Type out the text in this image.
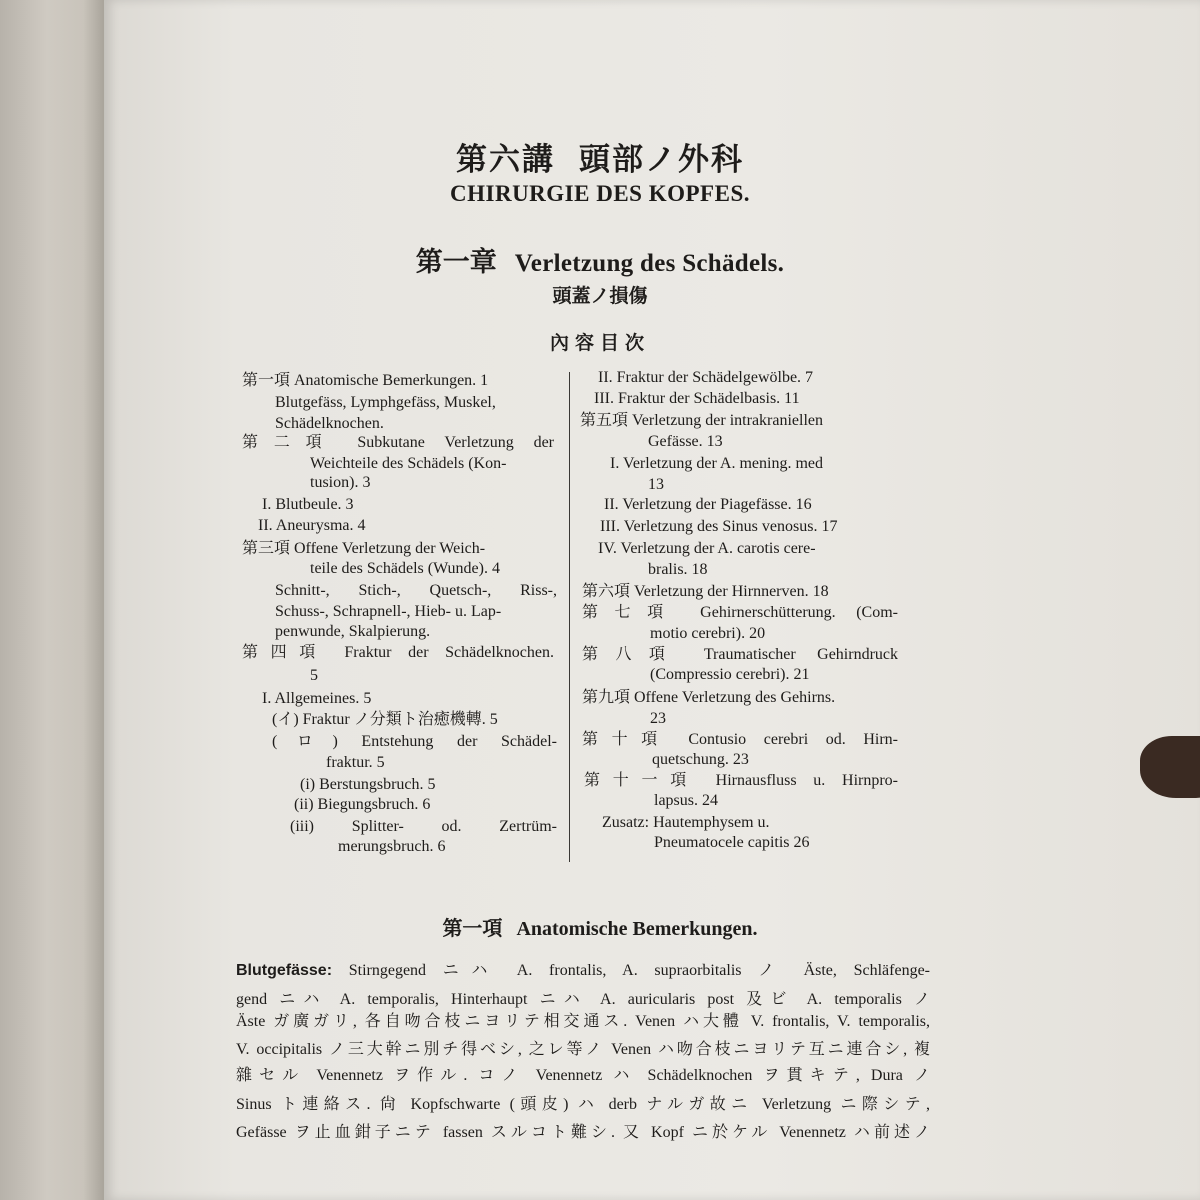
第六講 頭部ノ外科
CHIRURGIE DES KOPFES.
第一章 Verletzung des Schädels.
頭蓋ノ損傷
內容目次
第一項 Anatomische Bemerkungen. 1
Blutgefäss, Lymphgefäss, Muskel,
Schädelknochen.
第二項 Subkutane Verletzung der
Weichteile des Schädels (Kon-
tusion). 3
I. Blutbeule. 3
II. Aneurysma. 4
第三項 Offene Verletzung der Weich-
teile des Schädels (Wunde). 4
Schnitt-, Stich-, Quetsch-, Riss-,
Schuss-, Schrapnell-, Hieb- u. Lap-
penwunde, Skalpierung.
第四項 Fraktur der Schädelknochen.
5
I. Allgemeines. 5
(イ) Fraktur ノ分類ト治癒機轉. 5
(ロ) Entstehung der Schädel-
fraktur. 5
(i) Berstungsbruch. 5
(ii) Biegungsbruch. 6
(iii) Splitter- od. Zertrüm-
merungsbruch. 6
II. Fraktur der Schädelgewölbe. 7
III. Fraktur der Schädelbasis. 11
第五項 Verletzung der intrakraniellen
Gefässe. 13
I. Verletzung der A. mening. med
13
II. Verletzung der Piagefässe. 16
III. Verletzung des Sinus venosus. 17
IV. Verletzung der A. carotis cere-
bralis. 18
第六項 Verletzung der Hirnnerven. 18
第七項 Gehirnerschütterung. (Com-
motio cerebri). 20
第八項 Traumatischer Gehirndruck
(Compressio cerebri). 21
第九項 Offene Verletzung des Gehirns.
23
第十項 Contusio cerebri od. Hirn-
quetschung. 23
第十一項 Hirnausfluss u. Hirnpro-
lapsus. 24
Zusatz: Hautemphysem u.
Pneumatocele capitis 26
第一項 Anatomische Bemerkungen.
Blutgefässe: Stirngegend ニハ A. frontalis, A. supraorbitalis ノ Äste, Schläfenge-
gend ニハ A. temporalis, Hinterhaupt ニハ A. auricularis post 及ビ A. temporalis ノ
Äste ガ廣ガリ, 各自吻合枝ニヨリテ相交通ス. Venen ハ大體 V. frontalis, V. temporalis,
V. occipitalis ノ三大幹ニ別チ得ベシ, 之レ等ノ Venen ハ吻合枝ニヨリテ互ニ連合シ, 複
雜セル Venennetz ヲ作ル. コノ Venennetz ハ Schädelknochen ヲ貫キテ, Dura ノ
Sinus ト連絡ス. 尙 Kopfschwarte (頭皮) ハ derb ナルガ故ニ Verletzung ニ際シテ,
Gefässe ヲ止血鉗子ニテ fassen スルコト難シ. 又 Kopf ニ於ケル Venennetz ハ前述ノ
